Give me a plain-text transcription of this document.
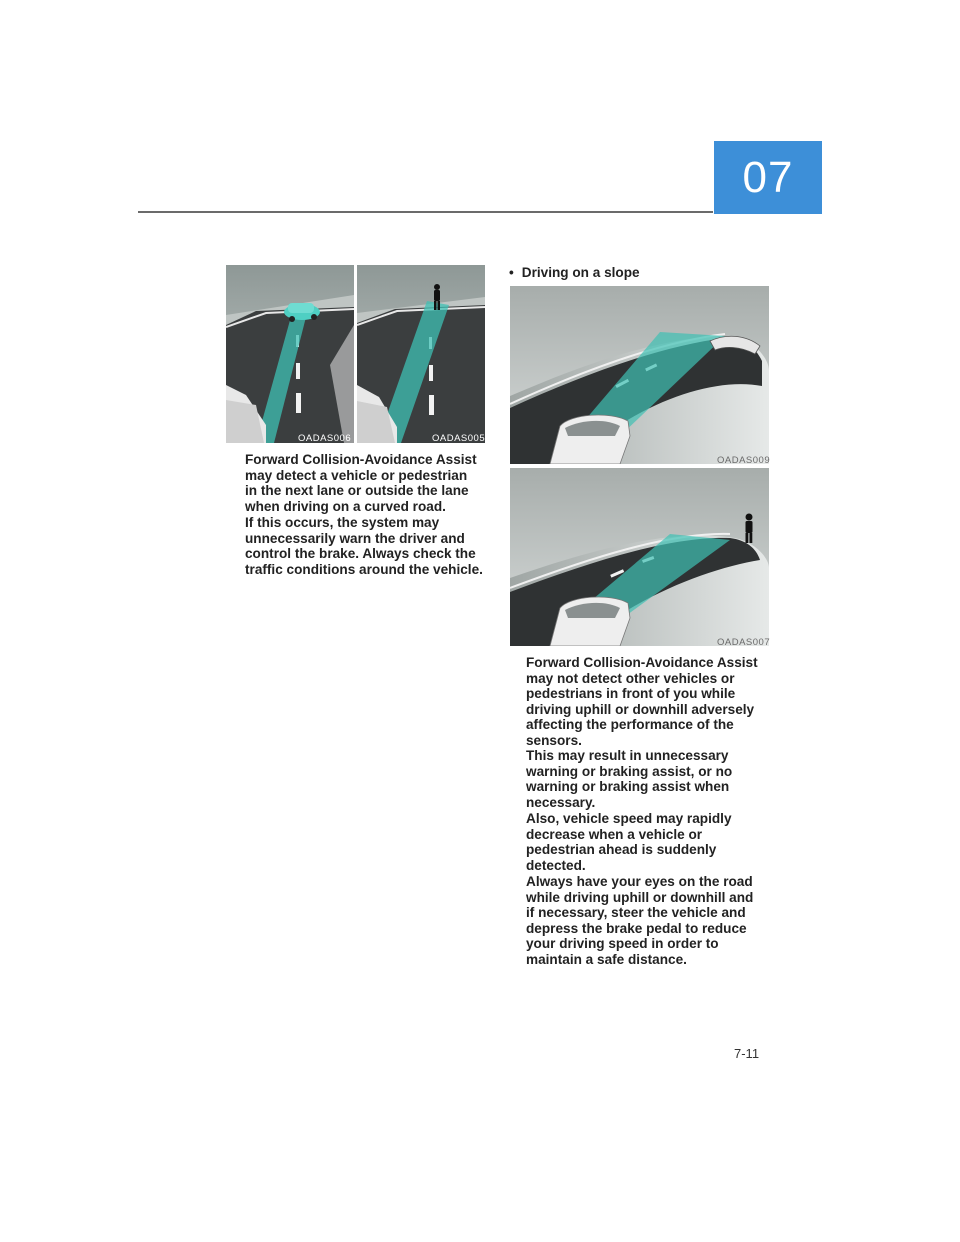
07
OADAS006	OADAS005

Forward Collision-Avoidance Assist may detect a vehicle or pedestrian in the next lane or outside the lane when driving on a curved road.

If this occurs, the system may unnecessarily warn the driver and control the brake. Always check the traffic conditions around the vehicle.

• Driving on a slope
OADAS009
OADAS007

Forward Collision-Avoidance Assist may not detect other vehicles or pedestrians in front of you while driving uphill or downhill adversely affecting the performance of the sensors.

This may result in unnecessary warning or braking assist, or no warning or braking assist when necessary.

Also, vehicle speed may rapidly decrease when a vehicle or pedestrian ahead is suddenly detected.

Always have your eyes on the road while driving uphill or downhill and if necessary, steer the vehicle and depress the brake pedal to reduce your driving speed in order to maintain a safe distance.

7-11
